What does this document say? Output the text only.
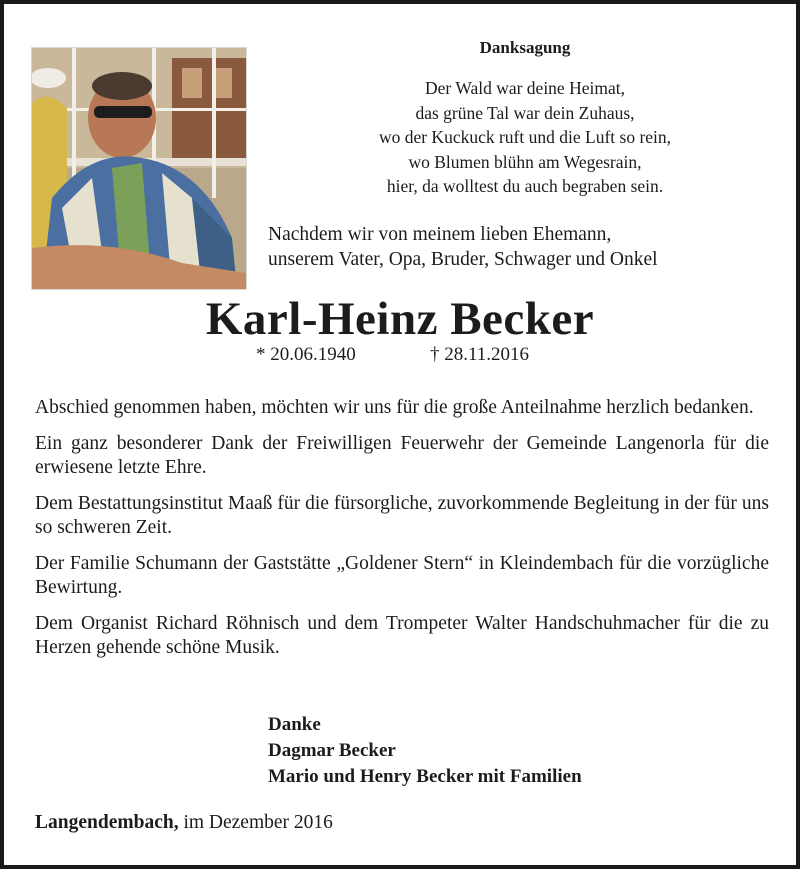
Danksagung
Der Wald war deine Heimat,
das grüne Tal war dein Zuhaus,
wo der Kuckuck ruft und die Luft so rein,
wo Blumen blühn am Wegesrain,
hier, da wolltest du auch begraben sein.
Nachdem wir von meinem lieben Ehemann,
unserem Vater, Opa, Bruder, Schwager und Onkel
Karl-Heinz Becker
* 20.06.1940	† 28.11.2016

Abschied genommen haben, möchten wir uns für die große Anteilnahme herzlich bedanken.

Ein ganz besonderer Dank der Freiwilligen Feuerwehr der Gemeinde Langenorla für die erwiesene letzte Ehre.

Dem Bestattungsinstitut Maaß für die fürsorgliche, zuvorkommende Begleitung in der für uns so schweren Zeit.

Der Familie Schumann der Gaststätte „Goldener Stern“ in Kleindembach für die vorzügliche Bewirtung.

Dem Organist Richard Röhnisch und dem Trompeter Walter Handschuhmacher für die zu Herzen gehende schöne Musik.

Danke
Dagmar Becker
Mario und Henry Becker mit Familien
Langendembach, im Dezember 2016
